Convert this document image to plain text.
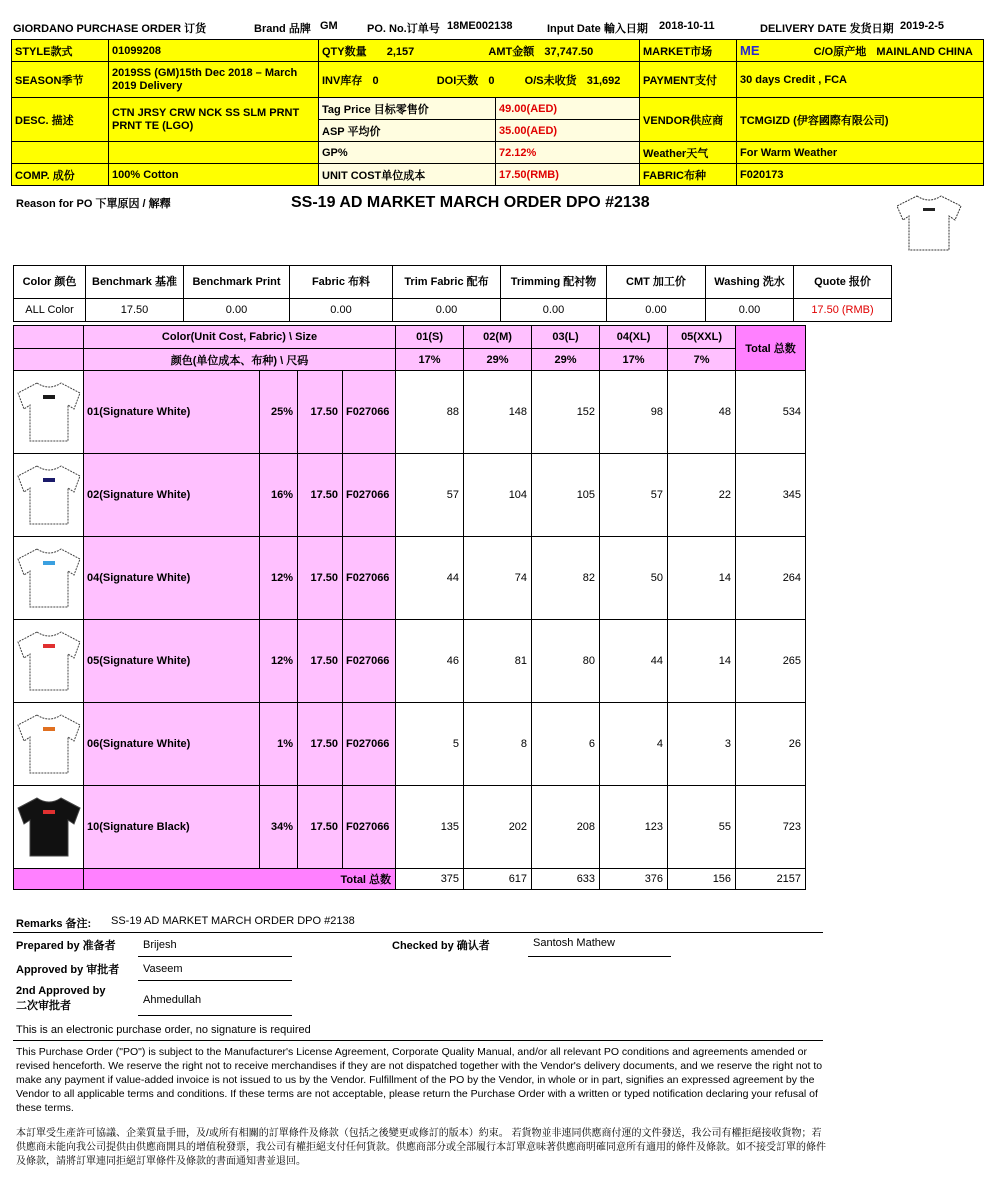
GIORDANO PURCHASE ORDER 订货	Brand 品牌 GM	PO. No.订单号 18ME002138	Input Date 輸入日期 2018-10-11	DELIVERY DATE 发货日期 2019-2-5
STYLE款式	01099208	QTY数量 2,157 AMT金额 37,747.50		MARKET市场	ME C/O原产地 MAINLAND CHINA
SEASON季节	2019SS (GM)15th Dec 2018 – March 2019 Delivery	INV库存 0 DOI天数 0 O/S未收货 31,692		PAYMENT支付	30 days Credit , FCA
DESC. 描述	CTN JRSY CRW NCK SS SLM PRNT PRNT TE (LGO)	Tag Price 目标零售价	49.00(AED)	VENDOR供应商	TCMGIZD (伊容國際有限公司)
		ASP 平均价	35.00(AED)		
		GP%	72.12%	Weather天气	For Warm Weather
COMP. 成份	100% Cotton	UNIT COST单位成本	17.50(RMB)	FABRIC布种	F020173
Reason for PO 下單原因 / 解釋	SS-19 AD MARKET MARCH ORDER DPO #2138
Color 颜色	Benchmark 基准	Benchmark Print	Fabric 布料	Trim Fabric 配布	Trimming 配衬物	CMT 加工价	Washing 洗水	Quote 报价
ALL Color	17.50	0.00	0.00	0.00	0.00	0.00	0.00	17.50 (RMB)
	Color(Unit Cost, Fabric) \ Size				01(S)	02(M)	03(L)	04(XL)	05(XXL)	Total 总数
	颜色(单位成本、布种) \ 尺码				17%	29%	29%	17%	7%	

	01(Signature White)	25%	17.50	F027066	88	148	152	98	48	534

	02(Signature White)	16%	17.50	F027066	57	104	105	57	22	345

	04(Signature White)	12%	17.50	F027066	44	74	82	50	14	264

	05(Signature White)	12%	17.50	F027066	46	81	80	44	14	265

	06(Signature White)	1%	17.50	F027066	5	8	6	4	3	26

	10(Signature Black)	34%	17.50	F027066	135	202	208	123	55	723
	Total 总数				375	617	633	376	156	2157
Remarks 备注: SS-19 AD MARKET MARCH ORDER DPO #2138
Prepared by 准备者 Brijesh	Checked by 确认者	Santosh Mathew
Approved by 审批者 Vaseem
2nd Approved by
二次审批者	Ahmedullah
This is an electronic purchase order, no signature is required
This Purchase Order ("PO") is subject to the Manufacturer's License Agreement, Corporate Quality Manual, and/or all relevant PO conditions and agreements amended or revised henceforth. We reserve the right not to receive merchandises if they are not dispatched together with the Vendor's delivery documents, and we reserve the right not to make any payment if value-added invoice is not issued to us by the Vendor. Fulfillment of the PO by the Vendor, in whole or in part, signifies an expressed agreement by the Vendor to all applicable terms and conditions. If these terms are not acceptable, please return the Purchase Order with a written or typed notification declaring your refusal of these terms.
本訂單受生產許可協議、企業質量手冊，及/或所有相關的訂單條件及條款（包括之後變更或修訂的版本）約束。 若貨物並非連同供應商付運的文件發送，我公司有權拒絕接收貨物；若供應商未能向我公司提供由供應商開具的增值稅發票，我公司有權拒絕支付任何貨款。供應商部分或全部履行本訂單意味著供應商明確同意所有適用的條件及條款。如不接受訂單的條件及條款，請將訂單連同拒絕訂單條件及條款的書面通知書並退回。
